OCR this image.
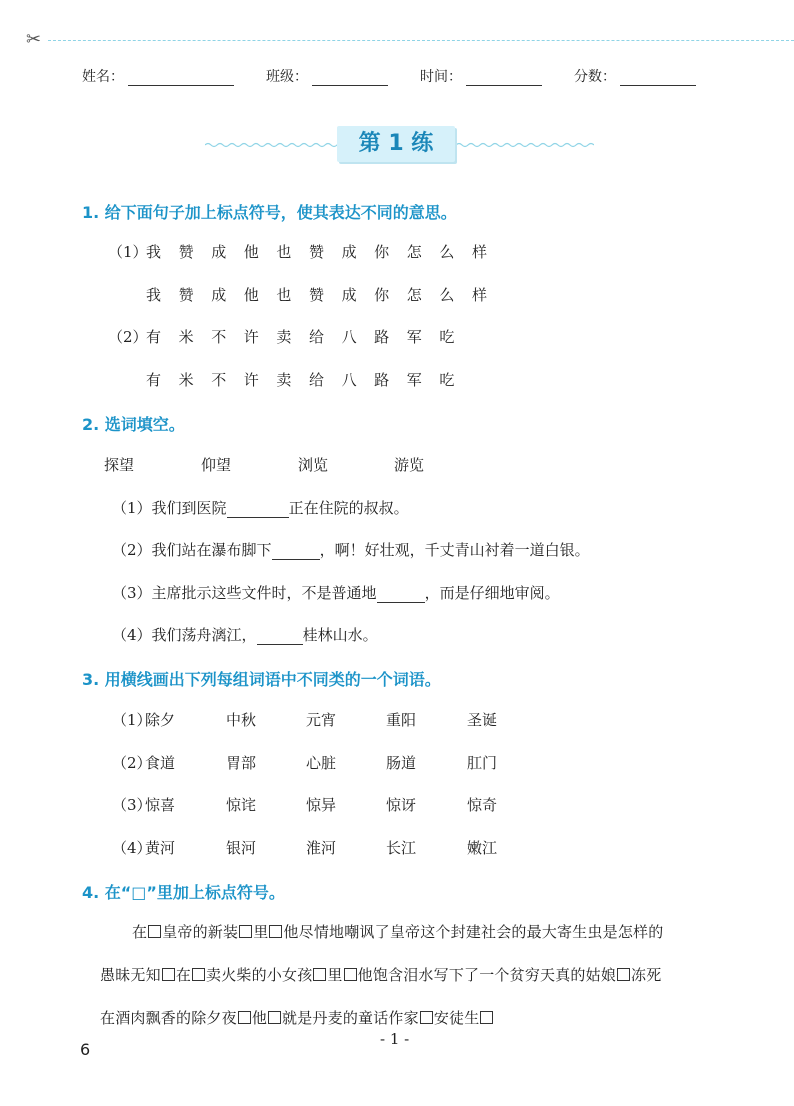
✂
姓名：	班级：	时间：	分数：
第 1 练
1. 给下面句子加上标点符号，使其表达不同的意思。
（1）我 赞 成 他 也 赞 成 你 怎 么 样
我 赞 成 他 也 赞 成 你 怎 么 样
（2）有 米 不 许 卖 给 八 路 军 吃
有 米 不 许 卖 给 八 路 军 吃
2. 选词填空。
探望	仰望	浏览	游览
（1）我们到医院	正在住院的叔叔。
（2）我们站在瀑布脚下	，啊！好壮观，千丈青山衬着一道白银。
（3）主席批示这些文件时，不是普通地	，而是仔细地审阅。
（4）我们荡舟漓江，	桂林山水。
3. 用横线画出下列每组词语中不同类的一个词语。
（1）
除夕	中秋	元宵	重阳	圣诞
（2）
食道	胃部	心脏	肠道	肛门
（3）
惊喜	惊诧	惊异	惊讶	惊奇
（4）
黄河	银河	淮河	长江	嫩江
4. 在“□”里加上标点符号。
在 皇帝的新装 里 他尽情地嘲讽了皇帝这个封建社会的最大寄生虫是怎样的
愚昧无知 在 卖火柴的小女孩 里 他饱含泪水写下了一个贫穷天真的姑娘 冻死
在酒肉飘香的除夕夜 他 就是丹麦的童话作家 安徒生
6
- 1 -
